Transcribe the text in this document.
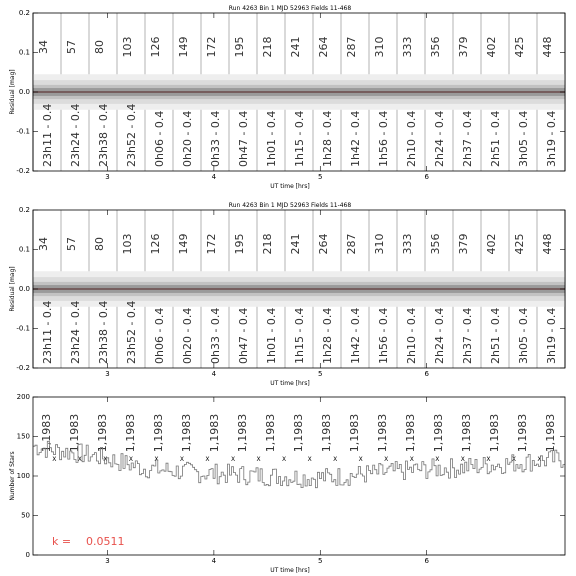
Run 4263 Bin 1 MJD 52963 Fields 11-468
34
23h11 - 0.4
57
23h24 - 0.4
80
23h38 - 0.4
103
23h52 - 0.4
126
0h06 - 0.4
149
0h20 - 0.4
172
0h33 - 0.4
195
0h47 - 0.4
218
1h01 - 0.4
241
1h15 - 0.4
264
1h28 - 0.4
287
1h42 - 0.4
310
1h56 - 0.4
333
2h10 - 0.4
356
2h24 - 0.4
379
2h37 - 0.4
402
2h51 - 0.4
425
3h05 - 0.4
448
3h19 - 0.4
3	4	5	6
-0.2
-0.1
0.0
0.1
0.2
UT time [hrs]
Residual [mag]
Run 4263 Bin 1 MJD 52963 Fields 11-468
34
23h11 - 0.4
57
23h24 - 0.4
80
23h38 - 0.4
103
23h52 - 0.4
126
0h06 - 0.4
149
0h20 - 0.4
172
0h33 - 0.4
195
0h47 - 0.4
218
1h01 - 0.4
241
1h15 - 0.4
264
1h28 - 0.4
287
1h42 - 0.4
310
1h56 - 0.4
333
2h10 - 0.4
356
2h24 - 0.4
379
2h37 - 0.4
402
2h51 - 0.4
425
3h05 - 0.4
448
3h19 - 0.4
3	4	5	6
-0.2
-0.1
0.0
0.1
0.2
UT time [hrs]
Residual [mag]
1,1983 1,1983 1,1983 1,1983 1,1983 1,1983 1,1983 1,1983 1,1983 1,1983 1,1983 1,1983 1,1983 1,1983 1,1983 1,1983 1,1983 1,1983 1,1983
X	X	X	X	X	X	X	X	X	X	X	X	X	X	X	X	X	X	X	X
3	4	5	6
0
50
100
150
200
UT time [hrs]
Number of Stars
k = 0.0511
